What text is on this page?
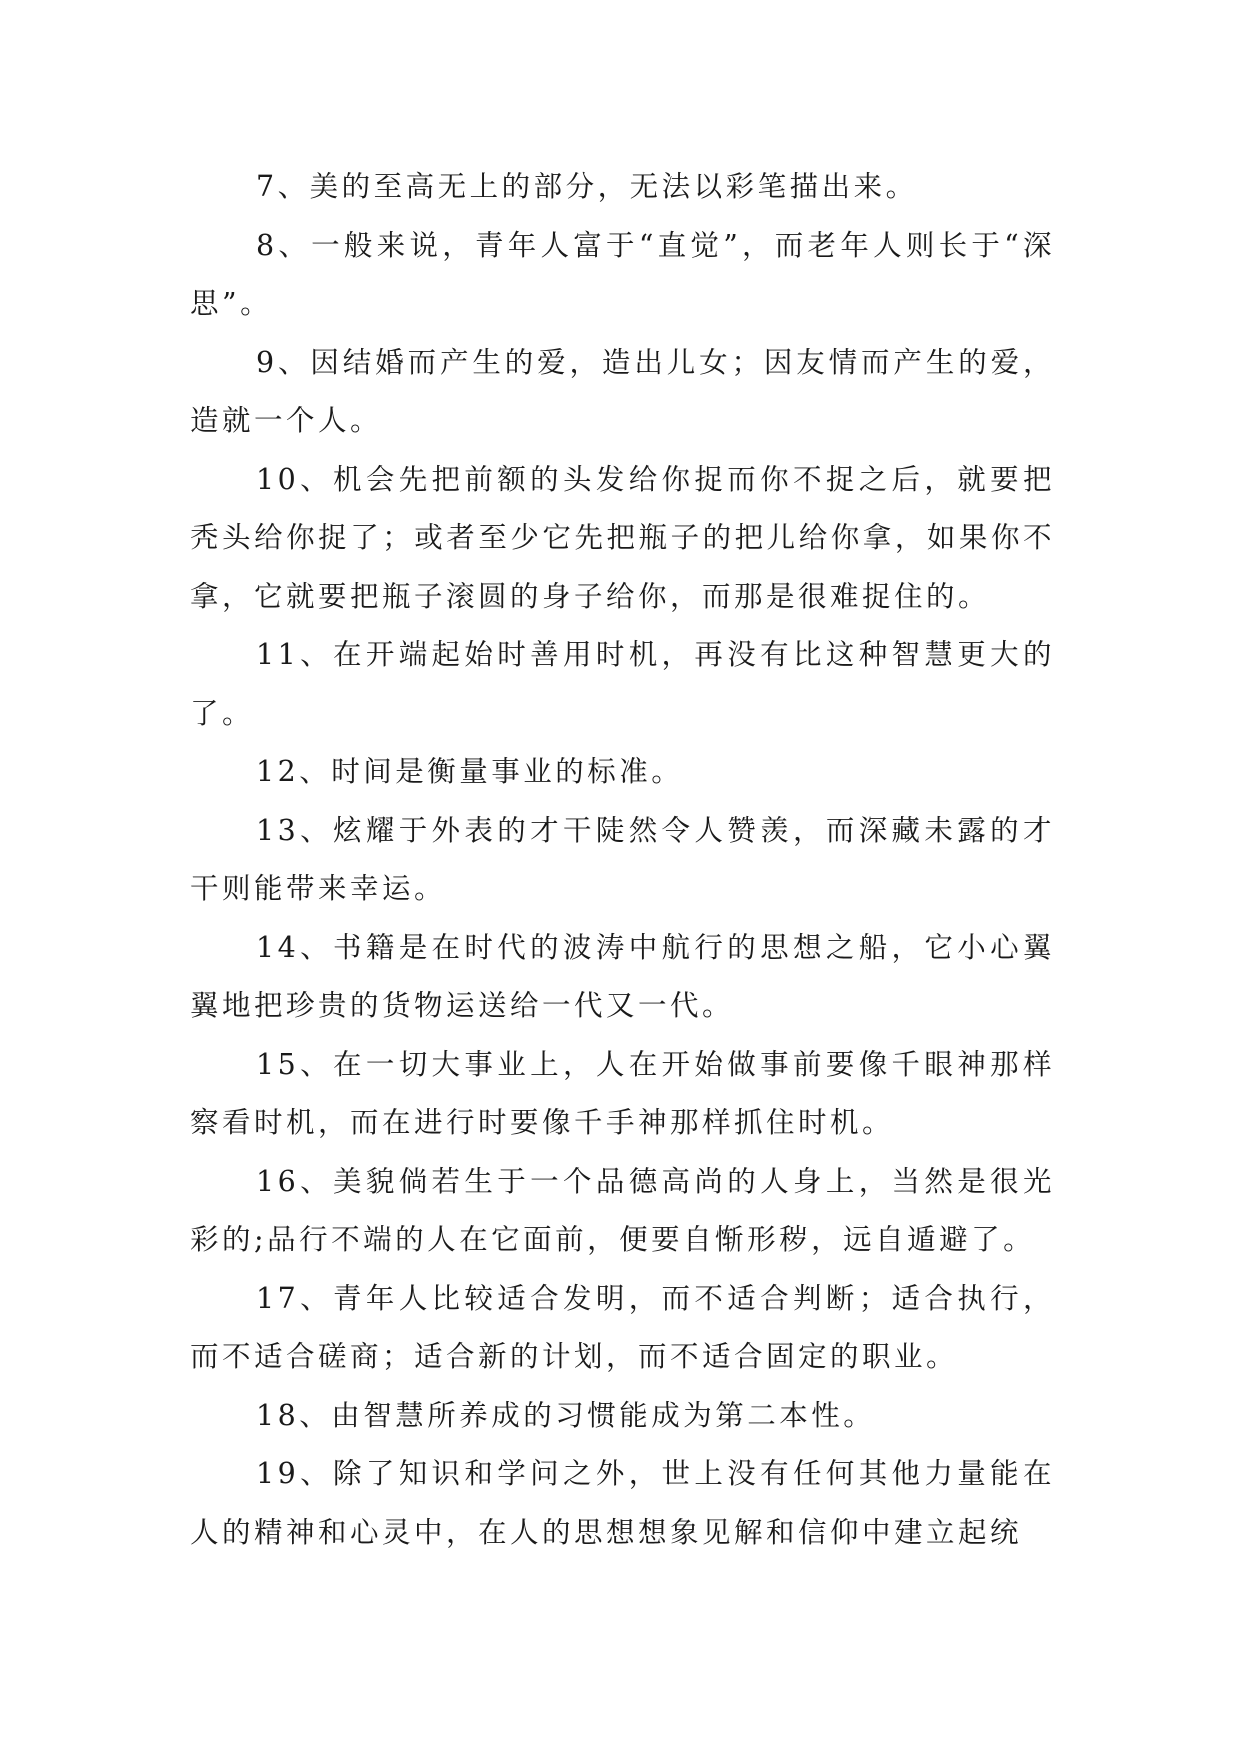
7、美的至高无上的部分，无法以彩笔描出来。

8、一般来说，青年人富于“直觉”，而老年人则长于“深思”。

9、因结婚而产生的爱，造出儿女；因友情而产生的爱，造就一个人。

10、机会先把前额的头发给你捉而你不捉之后，就要把秃头给你捉了；或者至少它先把瓶子的把儿给你拿，如果你不拿，它就要把瓶子滚圆的身子给你，而那是很难捉住的。

11、在开端起始时善用时机，再没有比这种智慧更大的了。

12、时间是衡量事业的标准。

13、炫耀于外表的才干陡然令人赞羡，而深藏未露的才干则能带来幸运。

14、书籍是在时代的波涛中航行的思想之船，它小心翼翼地把珍贵的货物运送给一代又一代。

15、在一切大事业上，人在开始做事前要像千眼神那样察看时机，而在进行时要像千手神那样抓住时机。

16、美貌倘若生于一个品德高尚的人身上，当然是很光彩的;品行不端的人在它面前，便要自惭形秽，远自遁避了。

17、青年人比较适合发明，而不适合判断；适合执行，而不适合磋商；适合新的计划，而不适合固定的职业。

18、由智慧所养成的习惯能成为第二本性。

19、除了知识和学问之外，世上没有任何其他力量能在人的精神和心灵中，在人的思想想象见解和信仰中建立起统
